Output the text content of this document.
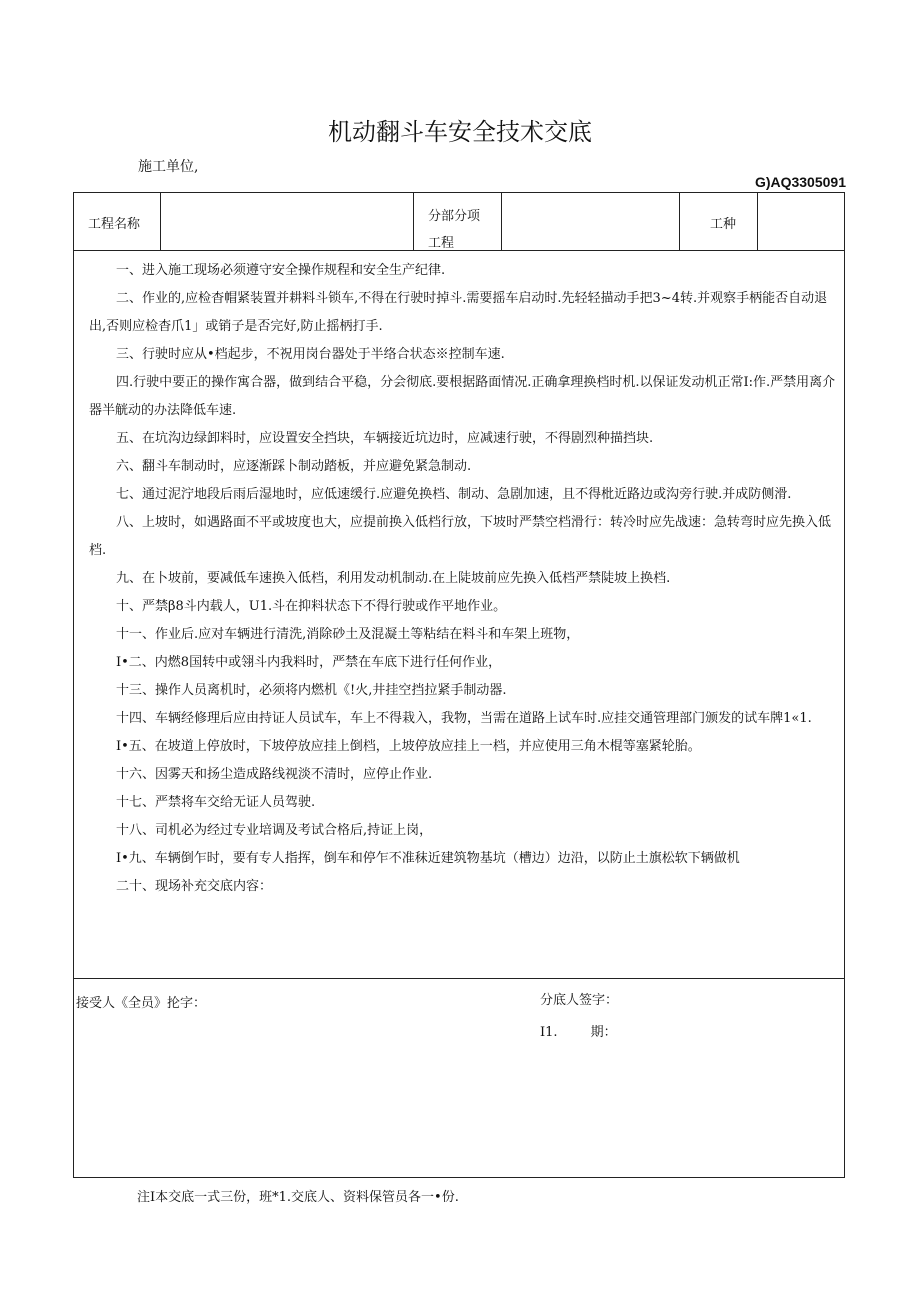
机动翻斗车安全技术交底
施工单位,
G)AQ3305091
工程名称
分部分项工程
工种

一、进入施工现场必须遵守安全操作规程和安全生产纪律.

二、作业的,应检杳帽紧装置并耕料斗锁车,不得在行驶时掉斗.需要摇车启动时.先轻轻描动手把3~4转.并观察手柄能否自动退出,否则应检杳爪1」或销子是否完好,防止摇柄打手.

三、行驶时应从•档起步，不祝用岗台器处于半络合状态※控制车速.

四.行驶中要正的操作寓合器，做到结合平稳，分会彻底.要根据路面情况.正确拿理换档时机.以保证发动机正常I:作.严禁用离介器半觥动的办法降低车速.

五、在坑沟边绿卸料时，应设置安全挡块，车辆接近坑边时，应减速行驶，不得剧烈种描挡块.

六、翻斗车制动时，应逐渐踩卜制动踏板，并应避免紧急制动.

七、通过泥泞地段后雨后湿地时，应低速缓行.应避免换档、制动、急剧加速，且不得枇近路边或沟旁行驶.并成防侧滑.

八、上坡时，如遇路面不平或坡度也大，应提前换入低档行放，下坡时严禁空档滑行：转冷时应先战速：急转弯时应先换入低档.

九、在卜坡前，要减低车速换入低档，利用发动机制动.在上陡坡前应先换入低档严禁陡坡上换档.

十、严禁β8斗内载人，U1.斗在抑料状态下不得行驶或作平地作业。

十一、作业后.应对车辆进行清洗,消除砂土及混凝土等粘结在料斗和车架上班物，

I•二、内燃8国转中或翎斗内我料时，严禁在车底下进行任何作业，

十三、操作人员离机时，必须将内燃机《!火,井挂空挡拉紧手制动器.

十四、车辆经修理后应由持证人员试车，车上不得栽入，我物，当需在道路上试车时.应挂交通管理部门颁发的试车牌1«1.

I•五、在坡道上停放时，下坡停放应挂上倒档，上坡停放应挂上一档，并应使用三角木棍等塞紧轮胎。

十六、因雾天和扬尘造成路线视淡不清时，应停止作业.

十七、严禁将车交给无证人员驾驶.

十八、司机必为经过专业培调及考试合格后,持证上岗，

I•九、车辆倒乍时，要有专人指挥，倒车和停乍不准秣近建筑物基坑（槽边）边沿，以防止土旗松软下辆做机

二十、现场补充交底内容：

分底人签字：
I1.        期：
接受人《全员》抡字：
注I本交底一式三份，班*1.交底人、资料保管员各一•份.
